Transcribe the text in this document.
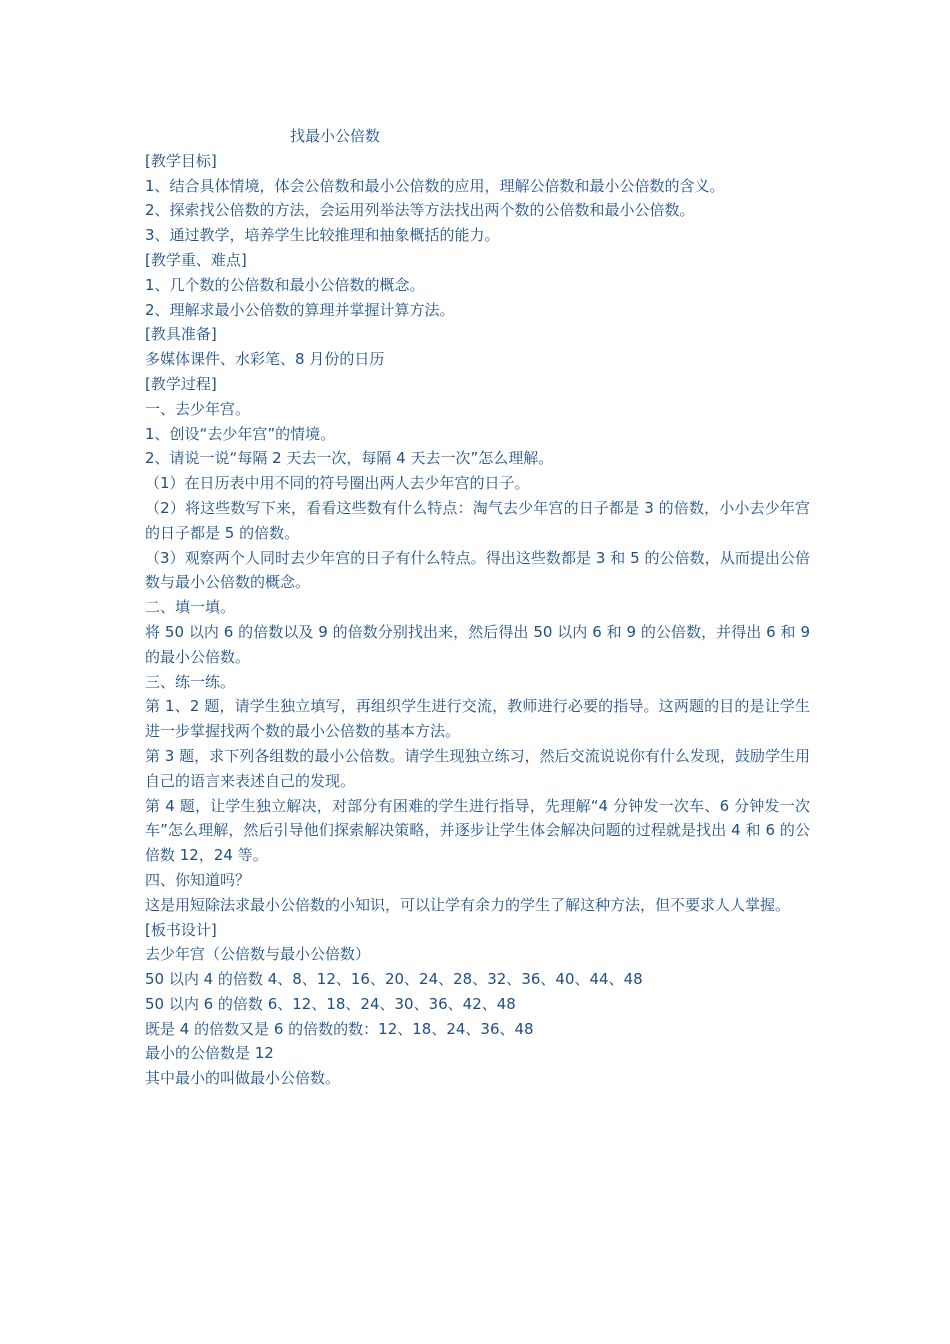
找最小公倍数
[教学目标]
1、结合具体情境，体会公倍数和最小公倍数的应用，理解公倍数和最小公倍数的含义。
2、探索找公倍数的方法，会运用列举法等方法找出两个数的公倍数和最小公倍数。
3、通过教学，培养学生比较推理和抽象概括的能力。
[教学重、难点]
1、几个数的公倍数和最小公倍数的概念。
2、理解求最小公倍数的算理并掌握计算方法。
[教具准备]
多媒体课件、水彩笔、8 月份的日历
[教学过程]
一、去少年宫。
1、创设“去少年宫”的情境。
2、请说一说“每隔 2 天去一次，每隔 4 天去一次”怎么理解。
（1）在日历表中用不同的符号圈出两人去少年宫的日子。
（2）将这些数写下来，看看这些数有什么特点：淘气去少年宫的日子都是 3 的倍数，小小去少年宫的日子都是 5 的倍数。
（3）观察两个人同时去少年宫的日子有什么特点。得出这些数都是 3 和 5 的公倍数，从而提出公倍数与最小公倍数的概念。
二、填一填。
将 50 以内 6 的倍数以及 9 的倍数分别找出来，然后得出 50 以内 6 和 9 的公倍数，并得出 6 和 9 的最小公倍数。
三、练一练。
第 1、2 题，请学生独立填写，再组织学生进行交流，教师进行必要的指导。这两题的目的是让学生进一步掌握找两个数的最小公倍数的基本方法。
第 3 题，求下列各组数的最小公倍数。请学生现独立练习，然后交流说说你有什么发现，鼓励学生用自己的语言来表述自己的发现。
第 4 题，让学生独立解决，对部分有困难的学生进行指导，先理解“4 分钟发一次车、6 分钟发一次车”怎么理解，然后引导他们探索解决策略，并逐步让学生体会解决问题的过程就是找出 4 和 6 的公倍数 12，24 等。
四、你知道吗？
这是用短除法求最小公倍数的小知识，可以让学有余力的学生了解这种方法，但不要求人人掌握。
[板书设计]
去少年宫（公倍数与最小公倍数）
50 以内 4 的倍数 4、8、12、16、20、24、28、32、36、40、44、48
50 以内 6 的倍数 6、12、18、24、30、36、42、48
既是 4 的倍数又是 6 的倍数的数：12、18、24、36、48
最小的公倍数是 12
其中最小的叫做最小公倍数。
